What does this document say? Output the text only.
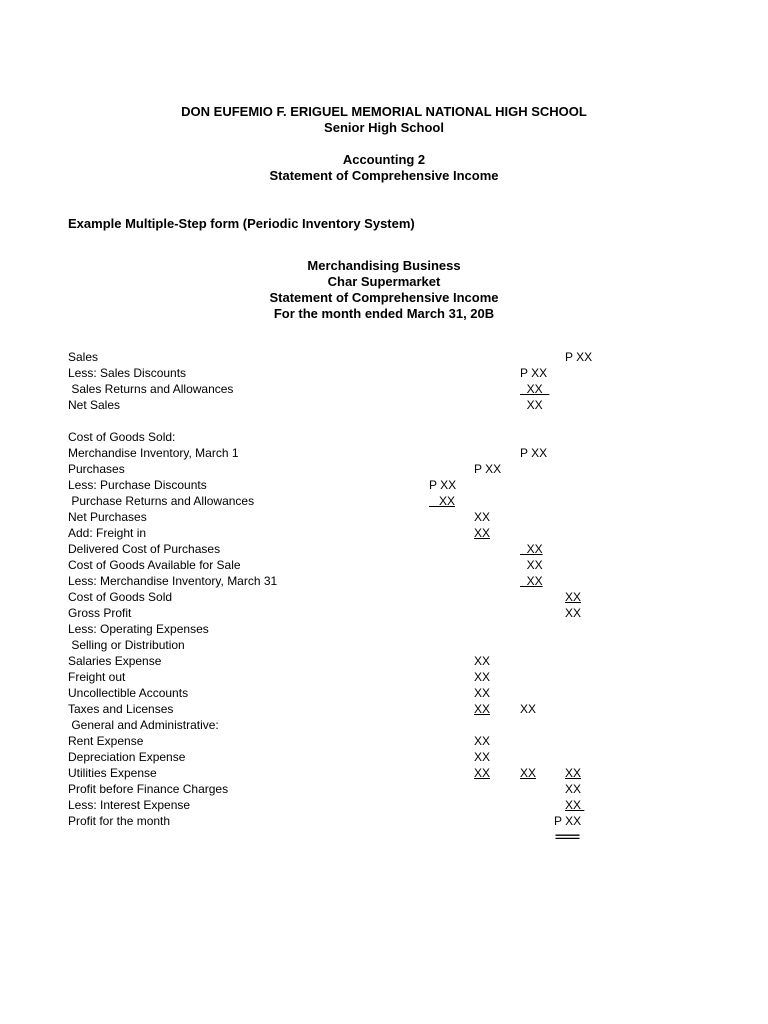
DON EUFEMIO F. ERIGUEL MEMORIAL NATIONAL HIGH SCHOOL
Senior High School
Accounting 2
Statement of Comprehensive Income
Example Multiple-Step form (Periodic Inventory System)
Merchandising Business
Char Supermarket
Statement of Comprehensive Income
For the month ended March 31, 20B
Sales	P XX
Less: Sales Discounts	P XX
Sales Returns and Allowances	XX
Net Sales	XX
Cost of Goods Sold:
Merchandise Inventory, March 1	P XX
Purchases	P XX
Less: Purchase Discounts	P XX
Purchase Returns and Allowances	XX
Net Purchases	XX
Add: Freight in	XX
Delivered Cost of Purchases	XX
Cost of Goods Available for Sale	XX
Less: Merchandise Inventory, March 31	XX
Cost of Goods Sold	XX
Gross Profit	XX
Less: Operating Expenses
Selling or Distribution
Salaries Expense	XX
Freight out	XX
Uncollectible Accounts	XX
Taxes and Licenses	XX XX
General and Administrative:
Rent Expense	XX
Depreciation Expense	XX
Utilities Expense	XX XX XX
Profit before Finance Charges	XX
Less: Interest Expense	XX
Profit for the month	P XX
====
